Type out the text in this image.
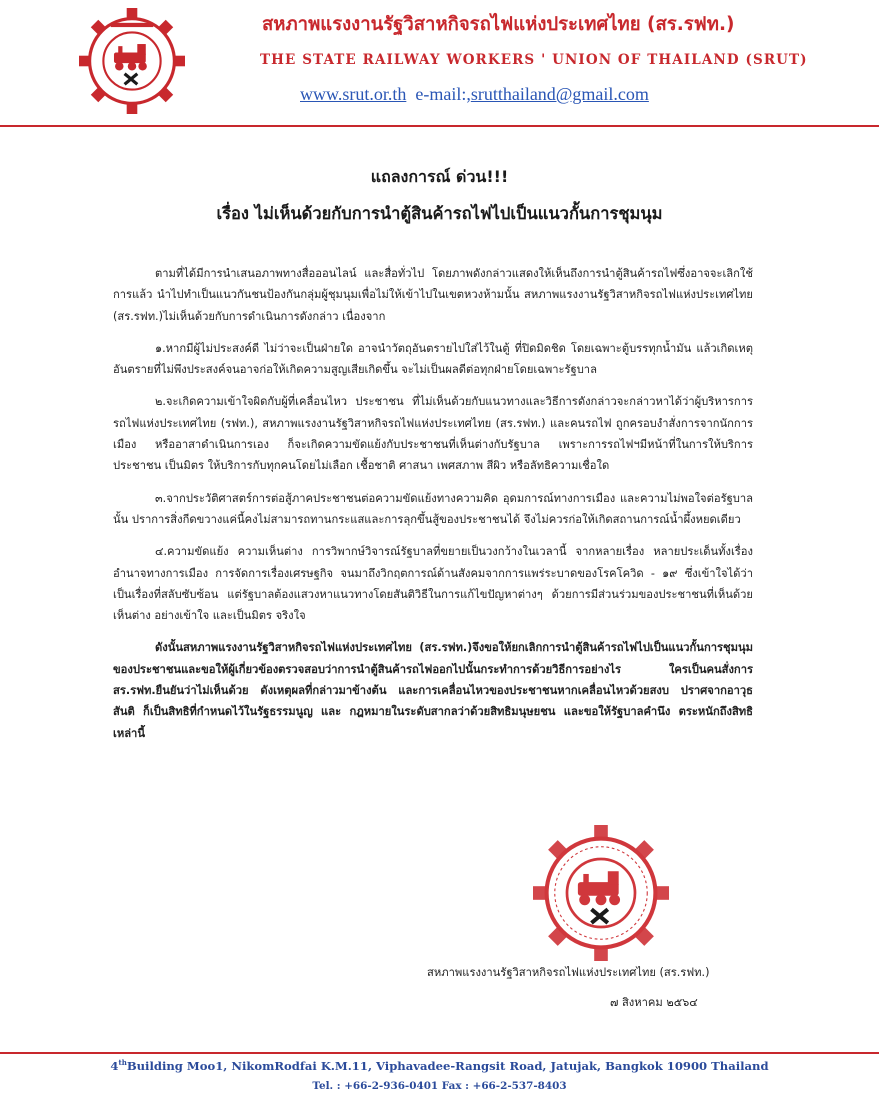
สหภาพแรงงานรัฐวิสาหกิจรถไฟแห่งประเทศไทย (สร.รฟท.)
THE STATE RAILWAY WORKERS ' UNION OF THAILAND (SRUT)
www.srut.or.th e-mail:,srutthailand@gmail.com
แถลงการณ์ ด่วน!!!
เรื่อง ไม่เห็นด้วยกับการนำตู้สินค้ารถไฟไปเป็นแนวกั้นการชุมนุม

ตามที่ได้มีการนำเสนอภาพทางสื่อออนไลน์ และสื่อทั่วไป โดยภาพดังกล่าวแสดงให้เห็นถึงการนำตู้สินค้ารถไฟซึ่งอาจจะเลิกใช้การแล้ว นำไปทำเป็นแนวกันชนป้องกันกลุ่มผู้ชุมนุมเพื่อไม่ให้เข้าไปในเขตหวงห้ามนั้น สหภาพแรงงานรัฐวิสาหกิจรถไฟแห่งประเทศไทย (สร.รฟท.)ไม่เห็นด้วยกับการดำเนินการดังกล่าว เนื่องจาก

๑.หากมีผู้ไม่ประสงค์ดี ไม่ว่าจะเป็นฝ่ายใด อาจนำวัตถุอันตรายไปใส่ไว้ในตู้ ที่ปิดมิดชิด โดยเฉพาะตู้บรรทุกน้ำมัน แล้วเกิดเหตุอันตรายที่ไม่พึงประสงค์จนอาจก่อให้เกิดความสูญเสียเกิดขึ้น จะไม่เป็นผลดีต่อทุกฝ่ายโดยเฉพาะรัฐบาล

๒.จะเกิดความเข้าใจผิดกับผู้ที่เคลื่อนไหว ประชาชน ที่ไม่เห็นด้วยกับแนวทางและวิธีการดังกล่าวจะกล่าวหาได้ว่าผู้บริหารการรถไฟแห่งประเทศไทย (รฟท.), สหภาพแรงงานรัฐวิสาหกิจรถไฟแห่งประเทศไทย (สร.รฟท.) และคนรถไฟ ถูกครอบงำสั่งการจากนักการเมือง หรืออาสาดำเนินการเอง ก็จะเกิดความขัดแย้งกับประชาชนที่เห็นต่างกับรัฐบาล เพราะการรถไฟฯมีหน้าที่ในการให้บริการประชาชน เป็นมิตร ให้บริการกับทุกคนโดยไม่เลือก เชื้อชาติ ศาสนา เพศสภาพ สีผิว หรือลัทธิความเชื่อใด

๓.จากประวัติศาสตร์การต่อสู้ภาคประชาชนต่อความขัดแย้งทางความคิด อุดมการณ์ทางการเมือง และความไม่พอใจต่อรัฐบาลนั้น ปราการสิ่งกีดขวางแค่นี้คงไม่สามารถทานกระแสและการลุกขึ้นสู้ของประชาชนได้ จึงไม่ควรก่อให้เกิดสถานการณ์น้ำผึ้งหยดเดียว

๔.ความขัดแย้ง ความเห็นต่าง การวิพากษ์วิจารณ์รัฐบาลที่ขยายเป็นวงกว้างในเวลานี้ จากหลายเรื่อง หลายประเด็นทั้งเรื่องอำนาจทางการเมือง การจัดการเรื่องเศรษฐกิจ จนมาถึงวิกฤตการณ์ด้านสังคมจากการแพร่ระบาดของโรคโควิด - ๑๙ ซึ่งเข้าใจได้ว่าเป็นเรื่องที่สลับซับซ้อน แต่รัฐบาลต้องแสวงหาแนวทางโดยสันติวิธีในการแก้ไขปัญหาต่างๆ ด้วยการมีส่วนร่วมของประชาชนที่เห็นด้วย เห็นต่าง อย่างเข้าใจ และเป็นมิตร จริงใจ

ดังนั้นสหภาพแรงงานรัฐวิสาหกิจรถไฟแห่งประเทศไทย (สร.รฟท.)จึงขอให้ยกเลิกการนำตู้สินค้ารถไฟไปเป็นแนวกั้นการชุมนุมของประชาชนและขอให้ผู้เกี่ยวข้องตรวจสอบว่าการนำตู้สินค้ารถไฟออกไปนั้นกระทำการด้วยวิธีการอย่างไร ใครเป็นคนสั่งการ สร.รฟท.ยืนยันว่าไม่เห็นด้วย ดังเหตุผลที่กล่าวมาข้างต้น และการเคลื่อนไหวของประชาชนหากเคลื่อนไหวด้วยสงบ ปราศจากอาวุธ สันติ ก็เป็นสิทธิที่กำหนดไว้ในรัฐธรรมนูญ และ กฎหมายในระดับสากลว่าด้วยสิทธิมนุษยชน และขอให้รัฐบาลคำนึง ตระหนักถึงสิทธิเหล่านี้

สหภาพแรงงานรัฐวิสาหกิจรถไฟแห่งประเทศไทย (สร.รฟท.)
๗ สิงหาคม ๒๕๖๔
4thBuilding Moo1, NikomRodfai K.M.11, Viphavadee-Rangsit Road, Jatujak, Bangkok 10900 Thailand
Tel. : +66-2-936-0401 Fax : +66-2-537-8403
